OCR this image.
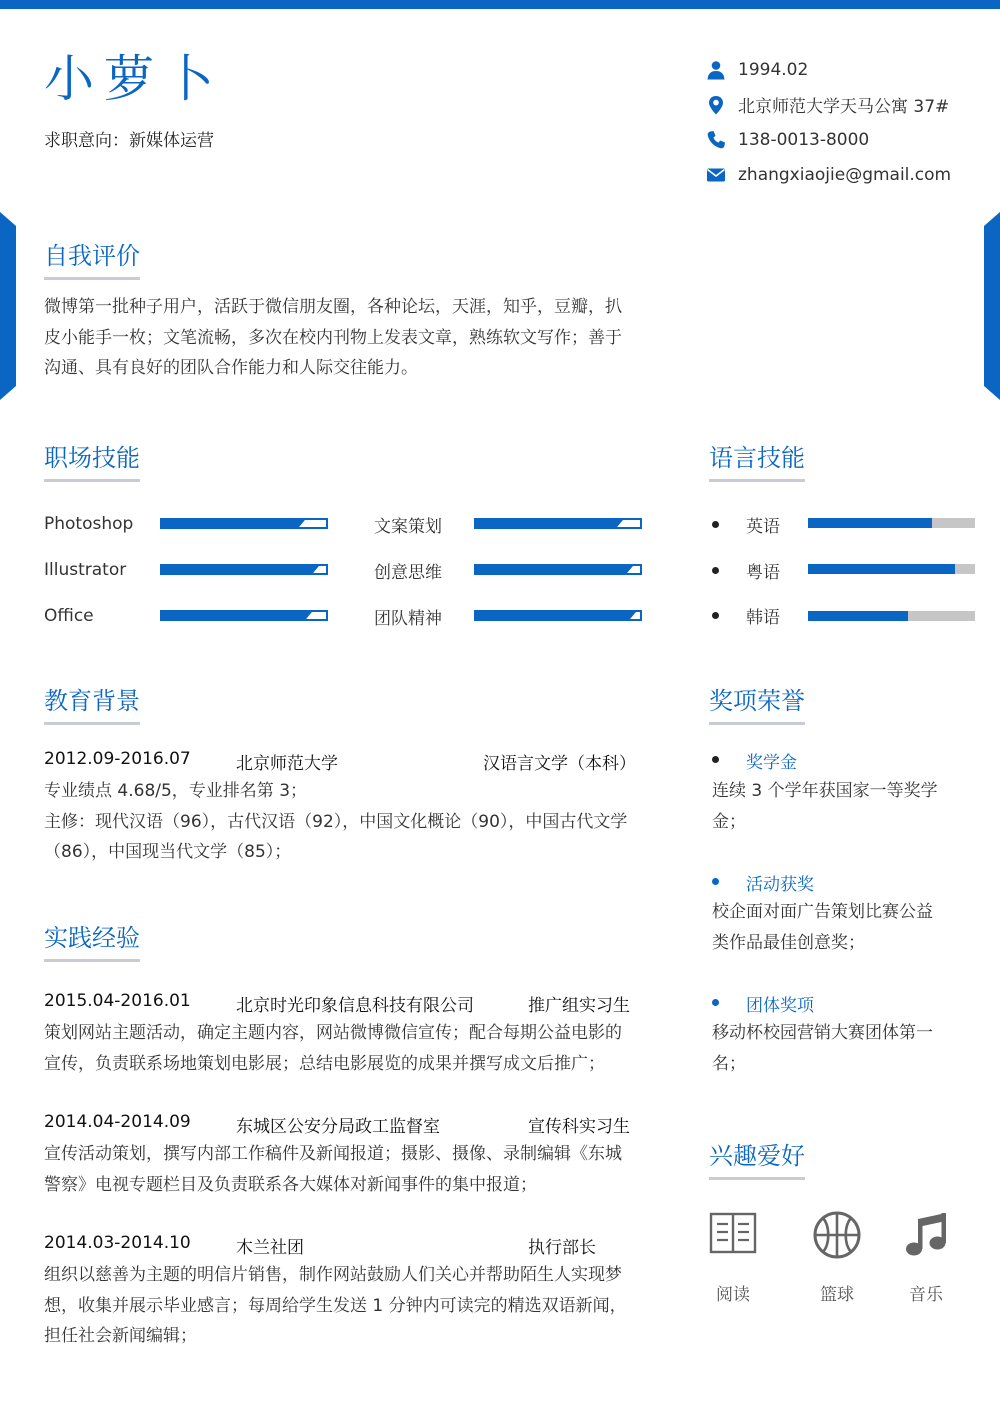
小萝卜
求职意向：新媒体运营
1994.02
北京师范大学天马公寓 37#
138-0013-8000
zhangxiaojie@gmail.com
自我评价
微博第一批种子用户，活跃于微信朋友圈，各种论坛，天涯，知乎，豆瓣，扒
皮小能手一枚；文笔流畅，多次在校内刊物上发表文章，熟练软文写作；善于
沟通、具有良好的团队合作能力和人际交往能力。
职场技能
Photoshop	文案策划
Illustrator	创意思维
Office	团队精神
语言技能
英语
粤语
韩语
教育背景
2012.09-2016.07	北京师范大学	汉语言文学（本科）
专业绩点 4.68/5，专业排名第 3；
主修：现代汉语（96），古代汉语（92），中国文化概论（90），中国古代文学
（86），中国现当代文学（85）；
实践经验
2015.04-2016.01	北京时光印象信息科技有限公司	推广组实习生
策划网站主题活动，确定主题内容，网站微博微信宣传；配合每期公益电影的
宣传，负责联系场地策划电影展；总结电影展览的成果并撰写成文后推广；
2014.04-2014.09	东城区公安分局政工监督室	宣传科实习生
宣传活动策划，撰写内部工作稿件及新闻报道；摄影、摄像、录制编辑《东城
警察》电视专题栏目及负责联系各大媒体对新闻事件的集中报道；
2014.03-2014.10	木兰社团	执行部长
组织以慈善为主题的明信片销售，制作网站鼓励人们关心并帮助陌生人实现梦
想，收集并展示毕业感言；每周给学生发送 1 分钟内可读完的精选双语新闻，
担任社会新闻编辑；
奖项荣誉
奖学金
连续 3 个学年获国家一等奖学
金；
活动获奖
校企面对面广告策划比赛公益
类作品最佳创意奖；
团体奖项
移动杯校园营销大赛团体第一
名；
兴趣爱好
阅读	篮球	音乐
